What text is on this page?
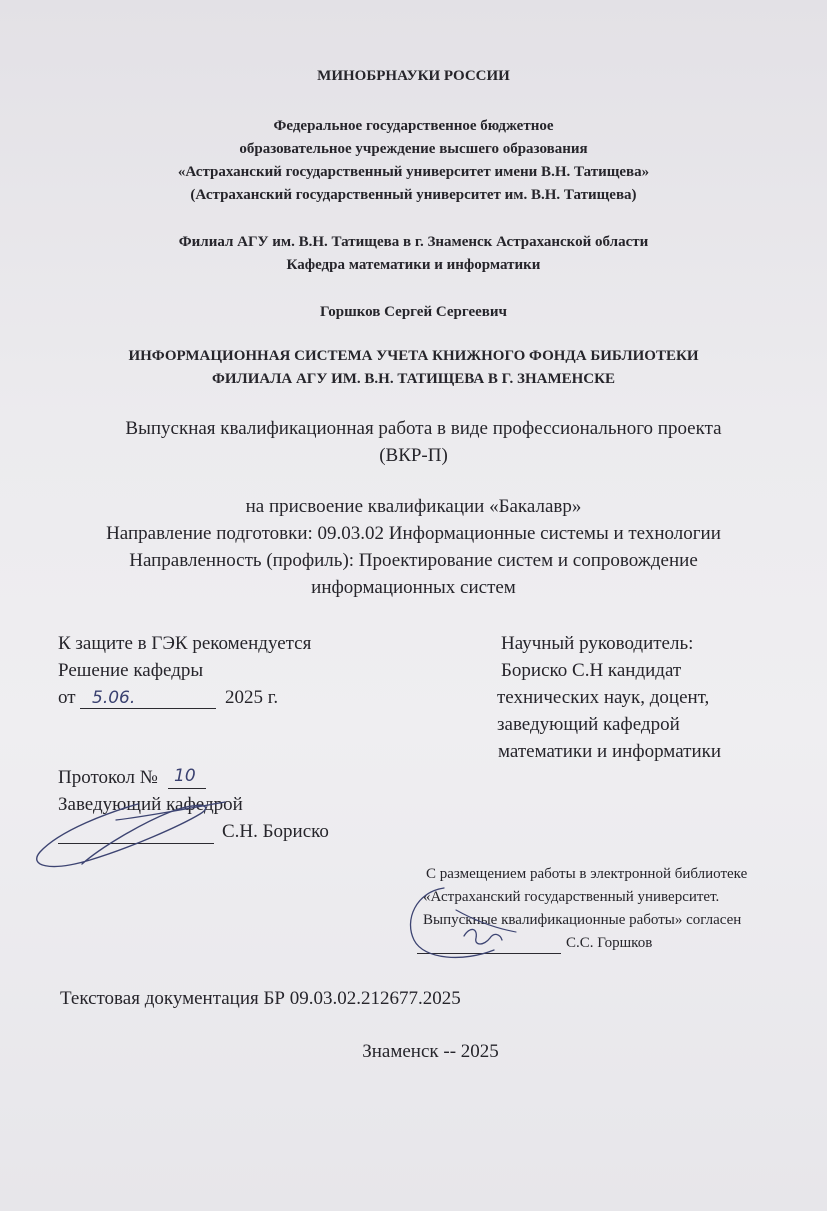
МИНОБРНАУКИ РОССИИ
Федеральное государственное бюджетное
образовательное учреждение высшего образования
«Астраханский государственный университет имени В.Н. Татищева»
(Астраханский государственный университет им. В.Н. Татищева)
Филиал АГУ им. В.Н. Татищева в г. Знаменск Астраханской области
Кафедра математики и информатики
Горшков Сергей Сергеевич
ИНФОРМАЦИОННАЯ СИСТЕМА УЧЕТА КНИЖНОГО ФОНДА БИБЛИОТЕКИ
ФИЛИАЛА АГУ ИМ. В.Н. ТАТИЩЕВА В Г. ЗНАМЕНСКЕ
Выпускная квалификационная работа в виде профессионального проекта
(ВКР-П)
на присвоение квалификации «Бакалавр»
Направление подготовки: 09.03.02 Информационные системы и технологии
Направленность (профиль): Проектирование систем и сопровождение
информационных систем
К защите в ГЭК рекомендуется
Решение кафедры
от 5.06.	2025 г.
Протокол № 10
Заведующий кафедрой
С.Н. Бориско
Научный руководитель:
Бориско С.Н кандидат
технических наук, доцент,
заведующий кафедрой
математики и информатики
С размещением работы в электронной библиотеке
«Астраханский государственный университет.
Выпускные квалификационные работы» согласен
С.С. Горшков
Текстовая документация БР 09.03.02.212677.2025
Знаменск -- 2025
